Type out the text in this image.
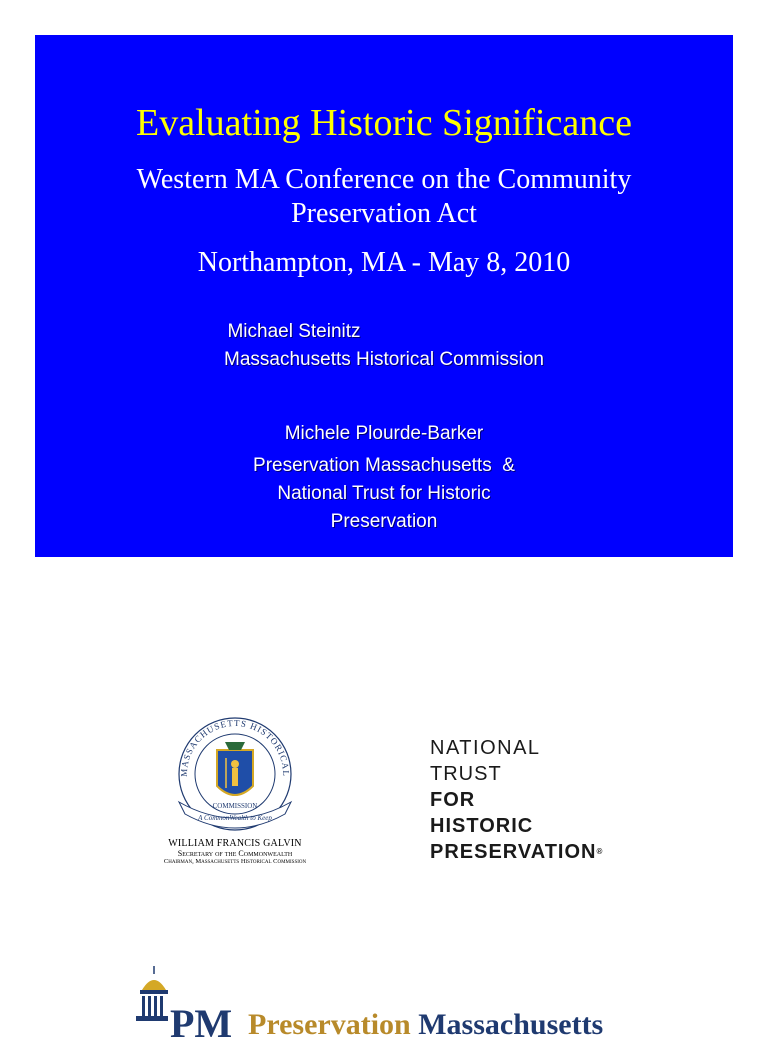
Evaluating Historic Significance
Western MA Conference on the Community
Preservation Act
Northampton, MA - May 8, 2010
Michael Steinitz
Massachusetts Historical Commission
Michele Plourde-Barker
Preservation Massachusetts  &
National Trust for Historic
Preservation
MASSACHUSETTS HISTORICAL
A CommonWealth to Keep
COMMISSION
WILLIAM FRANCIS GALVIN
Secretary of the Commonwealth
Chairman, Massachusetts Historical Commission
NATIONAL
TRUST
FOR
HISTORIC
PRESERVATION®
PM Preservation Massachusetts
